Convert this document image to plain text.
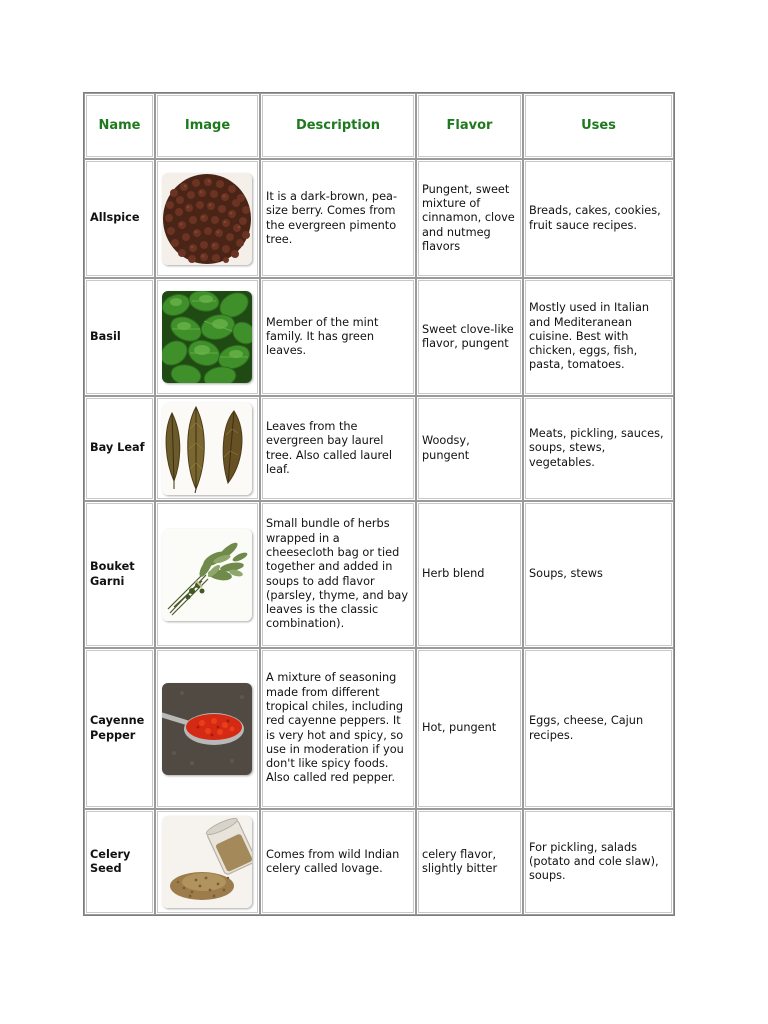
Name	Image	Description	Flavor	Uses
Allspice		It is a dark-brown, pea-size berry. Comes from the evergreen pimento tree.	Pungent, sweet mixture of cinnamon, clove and nutmeg flavors	Breads, cakes, cookies, fruit sauce recipes.
Basil		Member of the mint family. It has green leaves.	Sweet clove-like flavor, pungent	Mostly used in Italian and Mediteranean cuisine. Best with chicken, eggs, fish, pasta, tomatoes.
Bay Leaf		Leaves from the evergreen bay laurel tree. Also called laurel leaf.	Woodsy, pungent	Meats, pickling, sauces, soups, stews, vegetables.
Bouket Garni		Small bundle of herbs wrapped in a cheesecloth bag or tied together and added in soups to add flavor (parsley, thyme, and bay leaves is the classic combination).	Herb blend	Soups, stews
Cayenne Pepper		A mixture of seasoning made from different tropical chiles, including red cayenne peppers. It is very hot and spicy, so use in moderation if you don't like spicy foods. Also called red pepper.	Hot, pungent	Eggs, cheese, Cajun recipes.
Celery Seed		Comes from wild Indian celery called lovage.	celery flavor, slightly bitter	For pickling, salads (potato and cole slaw), soups.
